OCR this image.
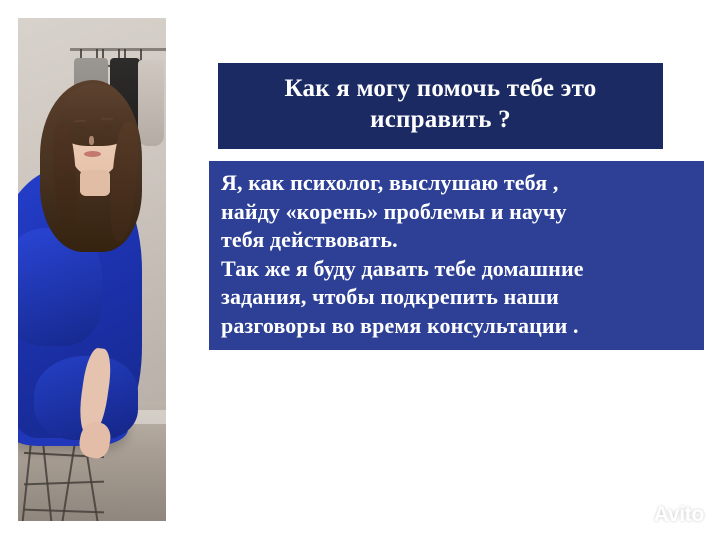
Как я могу помочь тебе это
исправить ?
Я, как психолог, выслушаю тебя ,
найду «корень» проблемы и научу
тебя действовать.
Так же я буду давать тебе домашние
задания, чтобы подкрепить наши
разговоры во время консультации .
Avito
